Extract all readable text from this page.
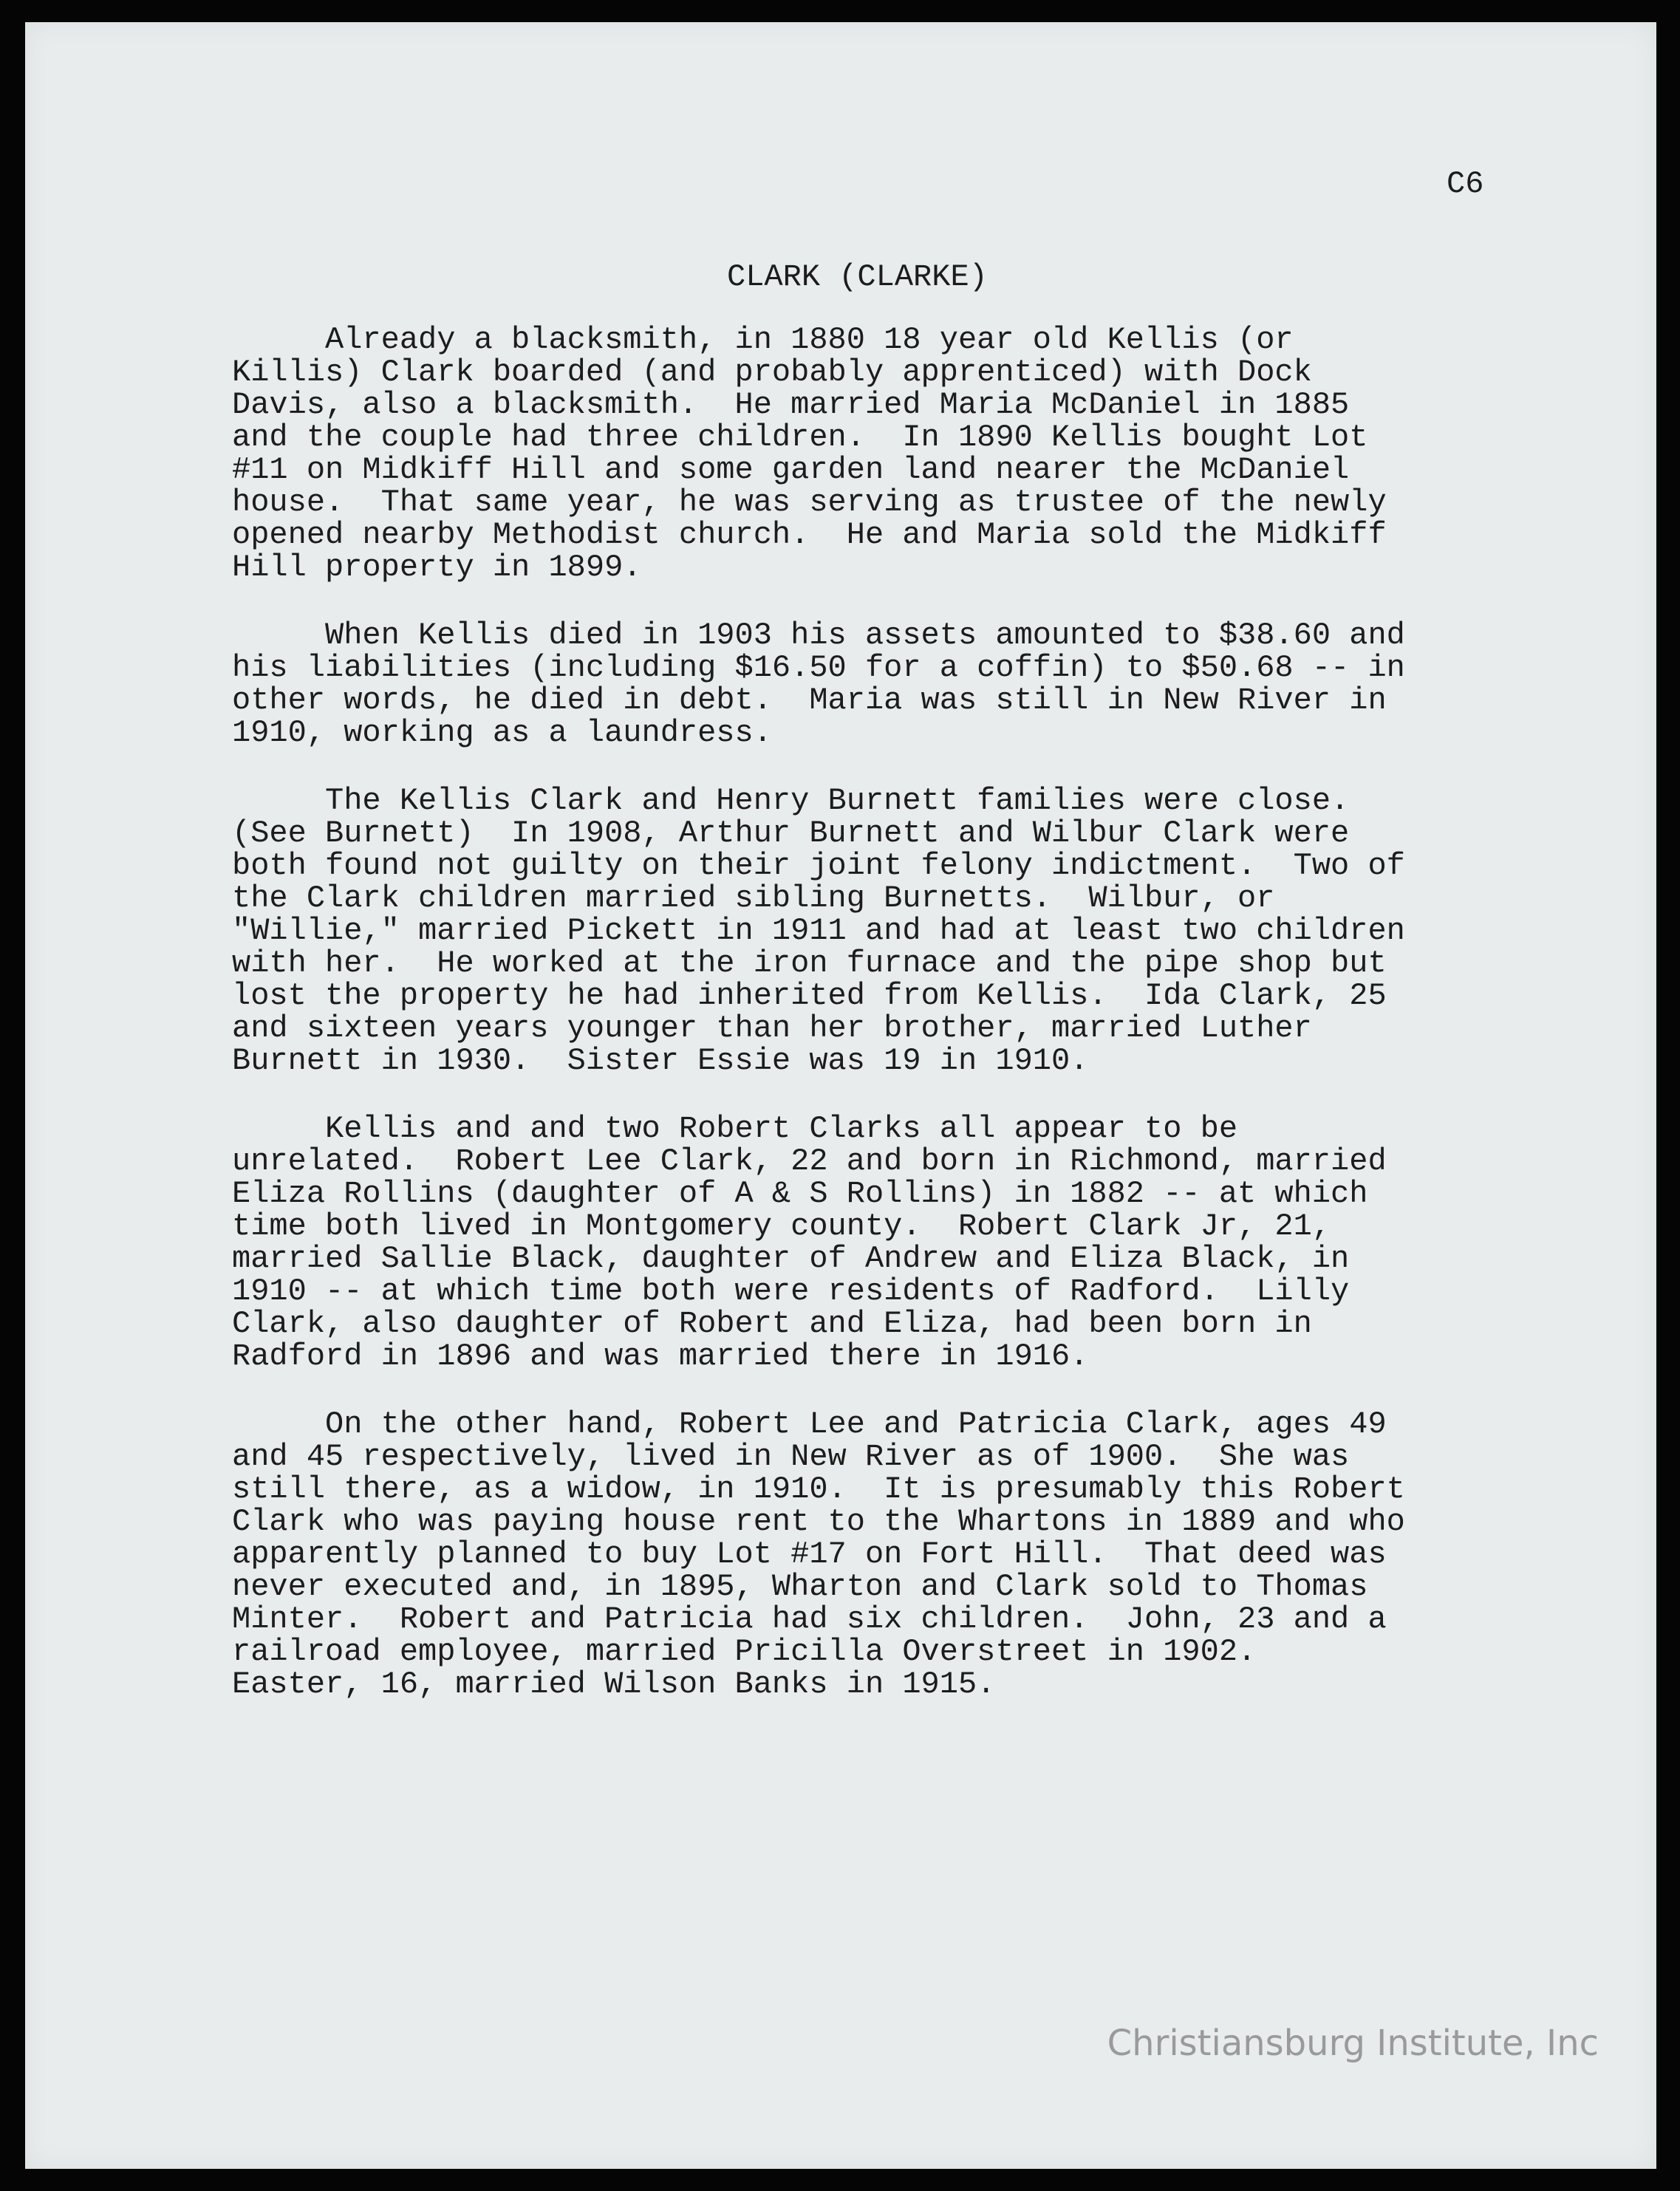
C6

CLARK (CLARKE)
Already a blacksmith, in 1880 18 year old Kellis (or
Killis) Clark boarded (and probably apprenticed) with Dock
Davis, also a blacksmith.  He married Maria McDaniel in 1885
and the couple had three children.  In 1890 Kellis bought Lot
#11 on Midkiff Hill and some garden land nearer the McDaniel
house.  That same year, he was serving as trustee of the newly
opened nearby Methodist church.  He and Maria sold the Midkiff
Hill property in 1899.
When Kellis died in 1903 his assets amounted to $38.60 and
his liabilities (including $16.50 for a coffin) to $50.68 -- in
other words, he died in debt.  Maria was still in New River in
1910, working as a laundress.
The Kellis Clark and Henry Burnett families were close.
(See Burnett)  In 1908, Arthur Burnett and Wilbur Clark were
both found not guilty on their joint felony indictment.  Two of
the Clark children married sibling Burnetts.  Wilbur, or
"Willie," married Pickett in 1911 and had at least two children
with her.  He worked at the iron furnace and the pipe shop but
lost the property he had inherited from Kellis.  Ida Clark, 25
and sixteen years younger than her brother, married Luther
Burnett in 1930.  Sister Essie was 19 in 1910.
Kellis and and two Robert Clarks all appear to be
unrelated.  Robert Lee Clark, 22 and born in Richmond, married
Eliza Rollins (daughter of A & S Rollins) in 1882 -- at which
time both lived in Montgomery county.  Robert Clark Jr, 21,
married Sallie Black, daughter of Andrew and Eliza Black, in
1910 -- at which time both were residents of Radford.  Lilly
Clark, also daughter of Robert and Eliza, had been born in
Radford in 1896 and was married there in 1916.
On the other hand, Robert Lee and Patricia Clark, ages 49
and 45 respectively, lived in New River as of 1900.  She was
still there, as a widow, in 1910.  It is presumably this Robert
Clark who was paying house rent to the Whartons in 1889 and who
apparently planned to buy Lot #17 on Fort Hill.  That deed was
never executed and, in 1895, Wharton and Clark sold to Thomas
Minter.  Robert and Patricia had six children.  John, 23 and a
railroad employee, married Pricilla Overstreet in 1902.
Easter, 16, married Wilson Banks in 1915.
Christiansburg Institute, Inc
